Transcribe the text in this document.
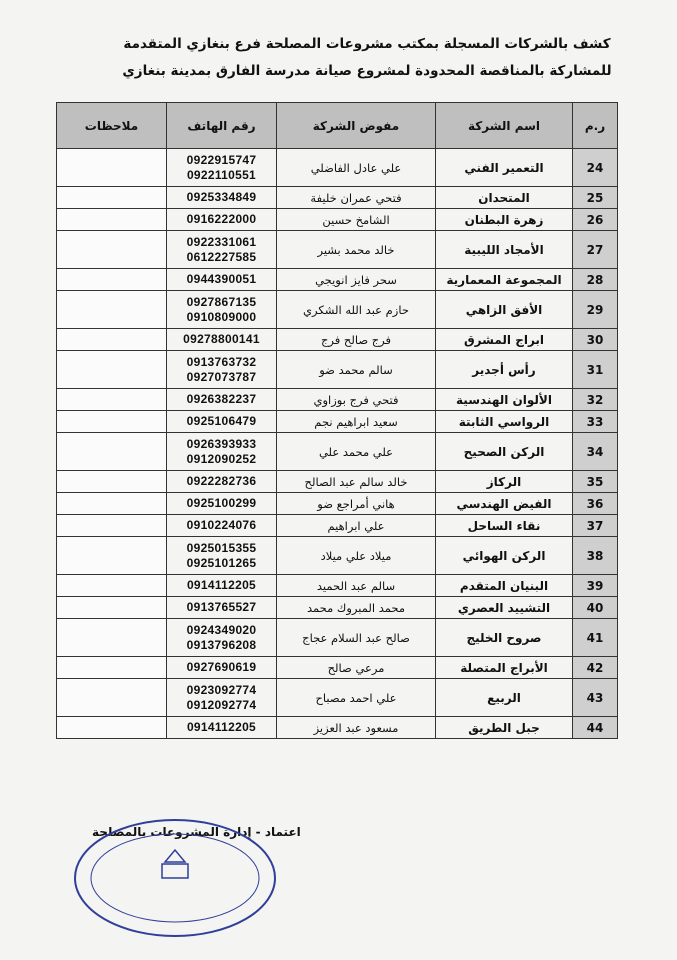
كشف بالشركات المسجلة بمكتب مشروعات المصلحة فرع بنغازي المتقدمة
للمشاركة بالمناقصة المحدودة لمشروع صيانة مدرسة الفارق بمدينة بنغازي
ر.م	اسم الشركة	مفوض الشركة	رقم الهاتف	ملاحظات
24	التعمير الفني	علي عادل الفاضلي	0922915747
0922110551	

25	المتحدان	فتحي عمران خليفة	0925334849	

26	زهرة البطنان	الشامخ حسين	0916222000	

27	الأمجاد الليبية	خالد محمد بشير	0922331061
0612227585	

28	المجموعة المعمارية	سحر فايز انويجي	0944390051	

29	الأفق الزاهي	حازم عبد الله الشكري	0927867135
0910809000	

30	ابراج المشرق	فرج صالح فرج	09278800141	

31	رأس أجدير	سالم محمد ضو	0913763732
0927073787	

32	الألوان الهندسية	فتحي فرج بوزاوي	0926382237	

33	الرواسي الثابتة	سعيد ابراهيم نجم	0925106479	

34	الركن الصحيح	علي محمد علي	0926393933
0912090252	

35	الركاز	خالد سالم عبد الصالح	0922282736	

36	الفيض الهندسي	هاني أمراجع ضو	0925100299	

37	نقاء الساحل	علي ابراهيم	0910224076	

38	الركن الهوائي	ميلاد علي ميلاد	0925015355
0925101265	

39	البنيان المتقدم	سالم عبد الحميد	0914112205	

40	التشييد العصري	محمد المبروك محمد	0913765527	

41	صروح الخليج	صالح عبد السلام عجاج	0924349020
0913796208	

42	الأبراج المتصلة	مرعي صالح	0927690619	

43	الربيع	علي احمد مصباح	0923092774
0912092774	

44	جبل الطريق	مسعود عبد العزيز	0914112205	

اعتماد - إدارة المشروعات بالمصلحة
